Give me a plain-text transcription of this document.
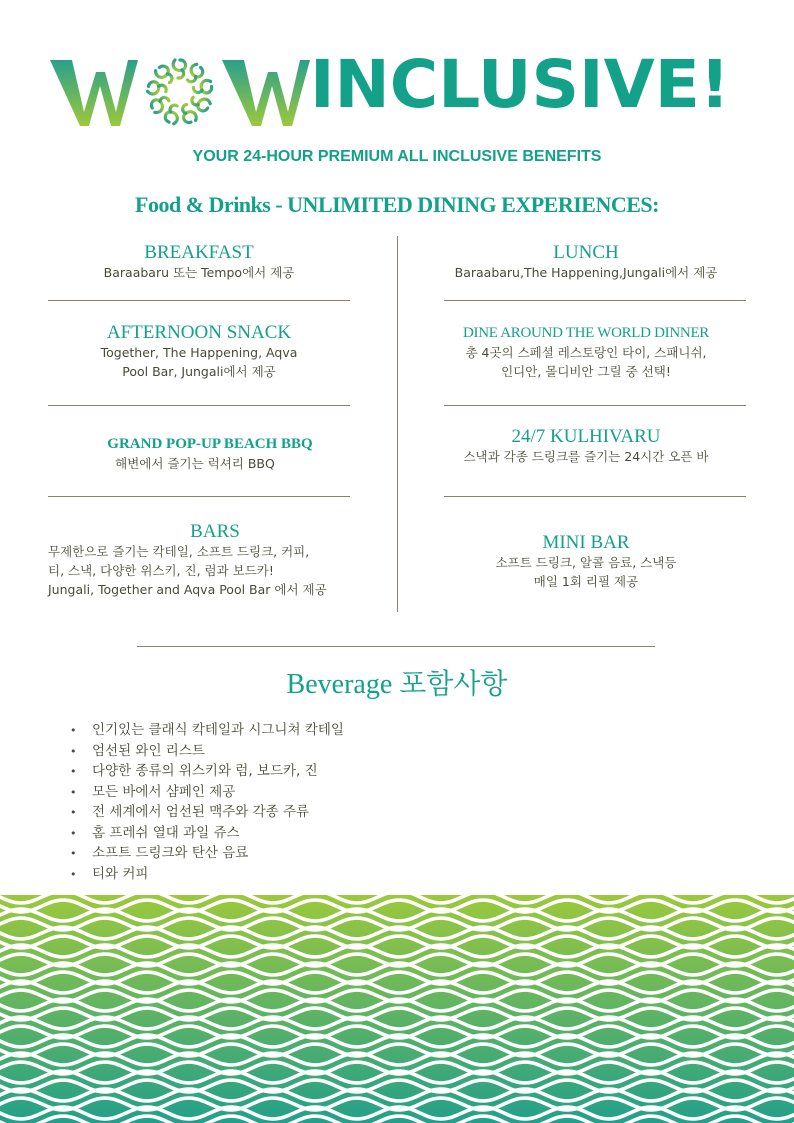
INCLUSIVE!
YOUR 24-HOUR PREMIUM ALL INCLUSIVE BENEFITS
Food & Drinks - UNLIMITED DINING EXPERIENCES:
BREAKFAST
Baraabaru 또는 Tempo에서 제공
AFTERNOON SNACK
Together, The Happening, Aqva
Pool Bar, Jungali에서 제공
GRAND POP-UP BEACH BBQ
해변에서 즐기는 럭셔리 BBQ
BARS
무제한으로 즐기는 칵테일, 소프트 드링크, 커피,
티, 스낵, 다양한 위스키, 진, 럼과 보드카!
Jungali, Together and Aqva Pool Bar 에서 제공
LUNCH
Baraabaru,The Happening,Jungali에서 제공
DINE AROUND THE WORLD DINNER
총 4곳의 스페셜 레스토랑인 타이, 스패니쉬,
인디안, 몰디비안 그릴 중 선택!
24/7 KULHIVARU
스낵과 각종 드링크를 즐기는 24시간 오픈 바
MINI BAR
소프트 드링크, 알콜 음료, 스낵등
매일 1회 리필 제공
Beverage 포함사항
• 인기있는 클래식 칵테일과 시그니쳐 칵테일
• 엄선된 와인 리스트
• 다양한 종류의 위스키와 럼, 보드카, 진
• 모든 바에서 샴페인 제공
• 전 세계에서 엄선된 맥주와 각종 주류
• 홈 프레쉬 열대 과일 쥬스
• 소프트 드링크와 탄산 음료
• 티와 커피
